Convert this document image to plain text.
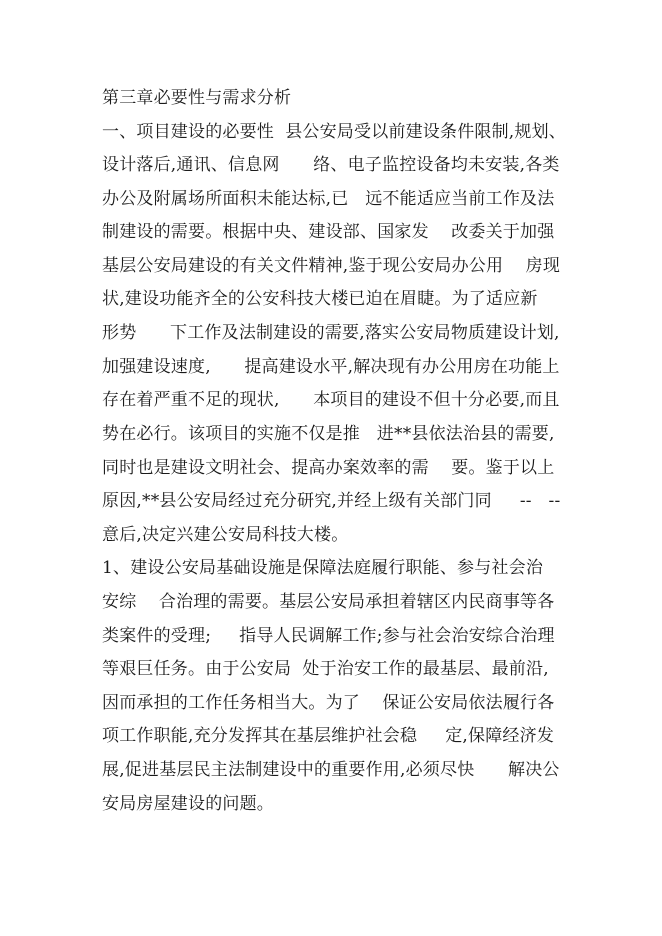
第三章必要性与需求分析
一、项目建设的必要性  县公安局受以前建设条件限制,规划、
设计落后,通讯、信息网      络、电子监控设备均未安装,各类
办公及附属场所面积未能达标,已   远不能适应当前工作及法
制建设的需要。根据中央、建设部、国家发    改委关于加强
基层公安局建设的有关文件精神,鉴于现公安局办公用    房现
状,建设功能齐全的公安科技大楼已迫在眉睫。为了适应新
形势      下工作及法制建设的需要,落实公安局物质建设计划,
加强建设速度,      提高建设水平,解决现有办公用房在功能上
存在着严重不足的现状,      本项目的建设不但十分必要,而且
势在必行。该项目的实施不仅是推   进**县依法治县的需要,
同时也是建设文明社会、提高办案效率的需    要。鉴于以上
原因,**县公安局经过充分研究,并经上级有关部门同     --   --
意后,决定兴建公安局科技大楼。
1、建设公安局基础设施是保障法庭履行职能、参与社会治
安综    合治理的需要。基层公安局承担着辖区内民商事等各
类案件的受理;     指导人民调解工作;参与社会治安综合治理
等艰巨任务。由于公安局  处于治安工作的最基层、最前沿,
因而承担的工作任务相当大。为了    保证公安局依法履行各
项工作职能,充分发挥其在基层维护社会稳     定,保障经济发
展,促进基层民主法制建设中的重要作用,必须尽快      解决公
安局房屋建设的问题。
